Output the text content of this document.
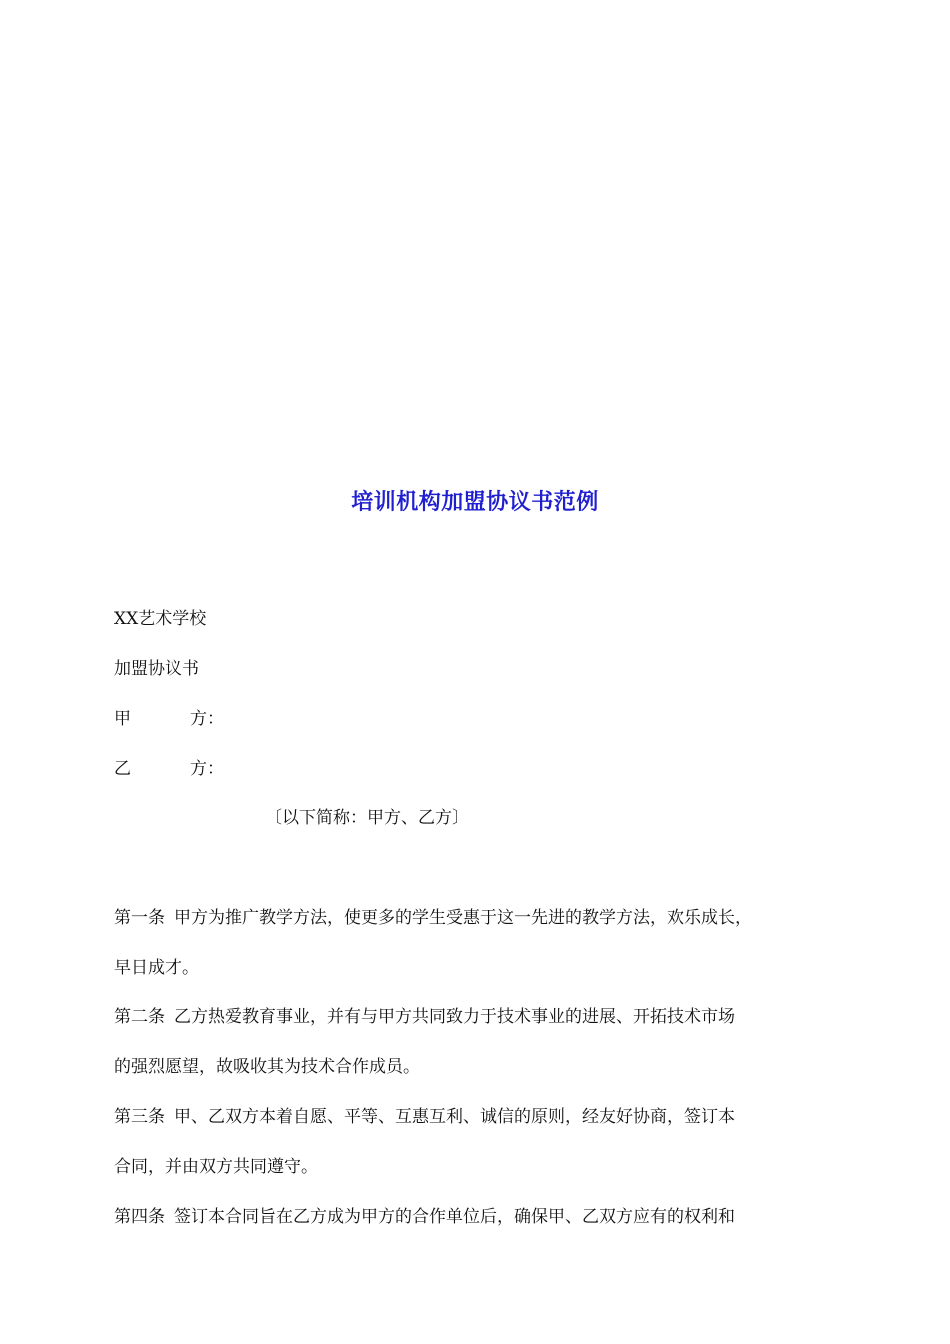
培训机构加盟协议书范例
XX艺术学校
加盟协议书
甲	方：
乙	方：
〔以下简称：甲方、乙方〕
第一条 甲方为推广教学方法，使更多的学生受惠于这一先进的教学方法，欢乐成长，
早日成才。
第二条 乙方热爱教育事业，并有与甲方共同致力于技术事业的进展、开拓技术市场
的强烈愿望，故吸收其为技术合作成员。
第三条 甲、乙双方本着自愿、平等、互惠互利、诚信的原则，经友好协商，签订本
合同，并由双方共同遵守。
第四条 签订本合同旨在乙方成为甲方的合作单位后，确保甲、乙双方应有的权利和
